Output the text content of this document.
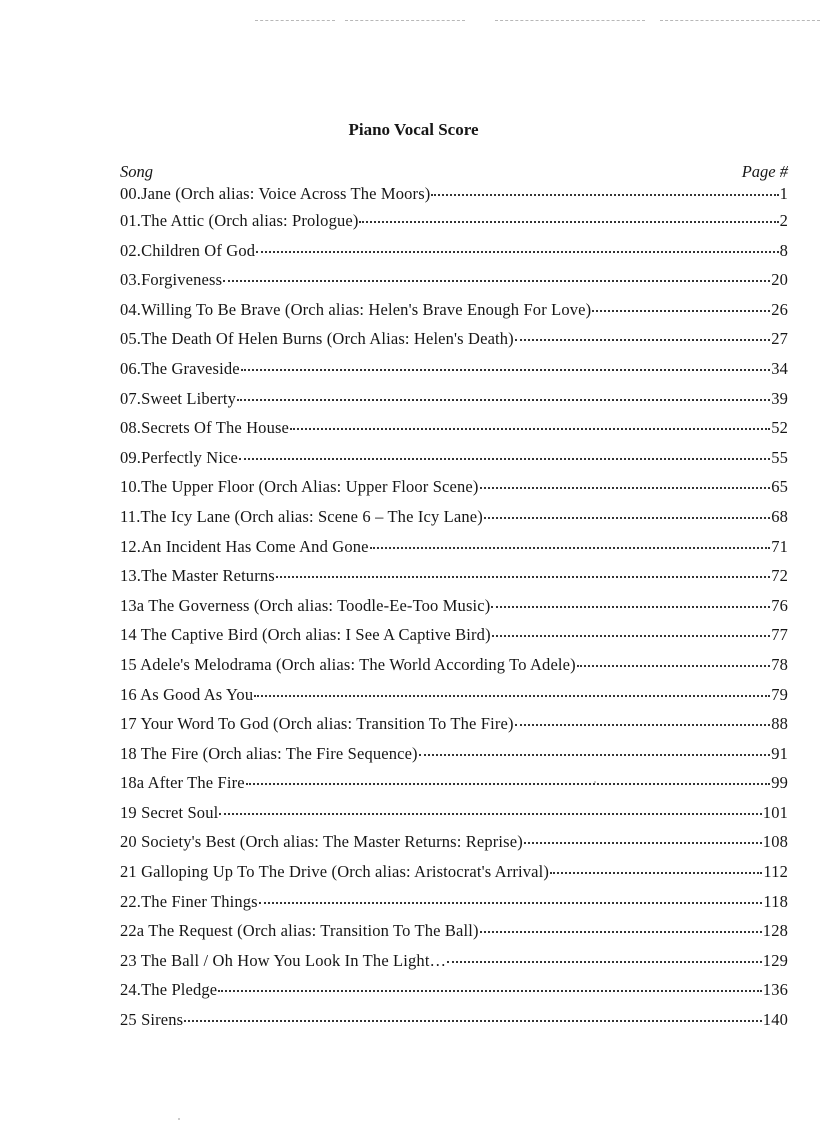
Piano Vocal Score
Song	Page #
00.Jane (Orch alias: Voice Across The Moors)	1
01.The Attic (Orch alias: Prologue)	2
02.Children Of God	8
03.Forgiveness	20
04.Willing To Be Brave (Orch alias: Helen's Brave Enough For Love)	26
05.The Death Of Helen Burns (Orch Alias: Helen's Death)	27
06.The Graveside	34
07.Sweet Liberty	39
08.Secrets Of The House	52
09.Perfectly Nice	55
10.The Upper Floor (Orch Alias: Upper Floor Scene)	65
11.The Icy Lane (Orch alias: Scene 6 – The Icy Lane)	68
12.An Incident Has Come And Gone	71
13.The Master Returns	72
13a The Governess (Orch alias: Toodle-Ee-Too Music)	76
14 The Captive Bird (Orch alias: I See A Captive Bird)	77
15 Adele's Melodrama (Orch alias: The World According To Adele)	78
16 As Good As You	79
17 Your Word To God (Orch alias: Transition To The Fire)	88
18 The Fire (Orch alias: The Fire Sequence)	91
18a After The Fire	99
19 Secret Soul	101
20 Society's Best (Orch alias: The Master Returns: Reprise)	108
21 Galloping Up To The Drive (Orch alias: Aristocrat's Arrival)	112
22.The Finer Things	118
22a The Request (Orch alias: Transition To The Ball)	128
23 The Ball / Oh How You Look In The Light…	129
24.The Pledge	136
25 Sirens	140
